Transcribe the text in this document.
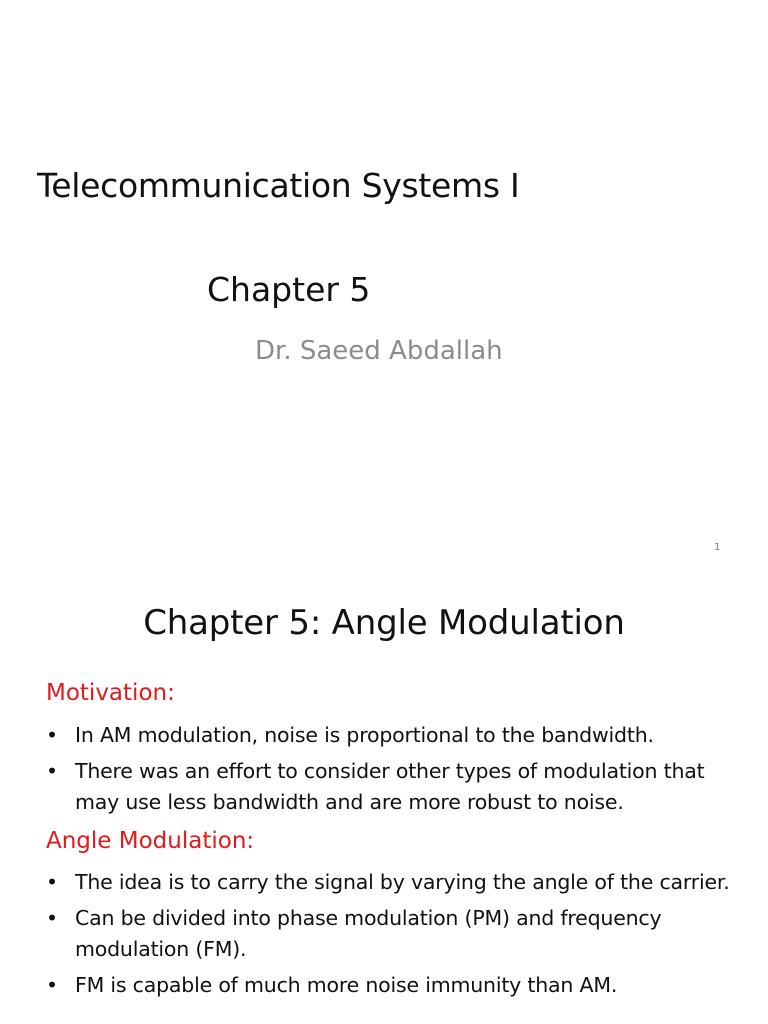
Telecommunication Systems I
Chapter 5
Dr. Saeed Abdallah
1
Chapter 5: Angle Modulation
Motivation:
• In AM modulation, noise is proportional to the bandwidth.
• There was an effort to consider other types of modulation that may use less bandwidth and are more robust to noise.
Angle Modulation:
• The idea is to carry the signal by varying the angle of the carrier.
• Can be divided into phase modulation (PM) and frequency modulation (FM).
• FM is capable of much more noise immunity than AM.
